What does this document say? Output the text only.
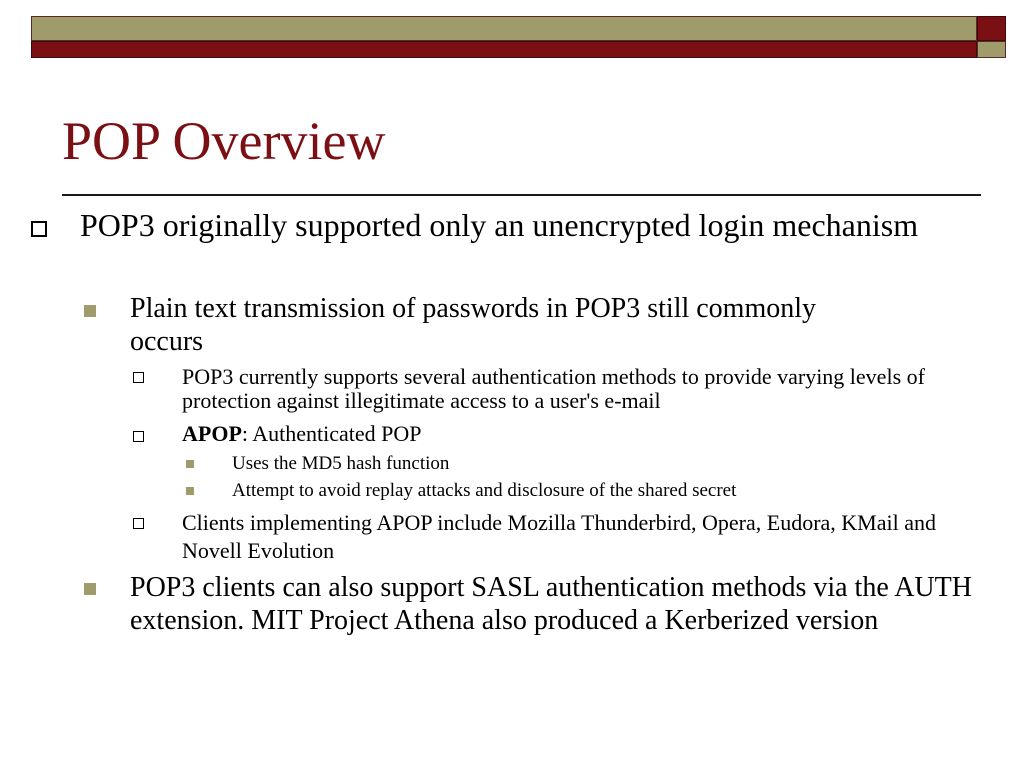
POP Overview
POP3 originally supported only an unencrypted login mechanism
Plain text transmission of passwords in POP3 still commonly occurs
POP3 currently supports several authentication methods to provide varying levels of protection against illegitimate access to a user's e-mail
APOP: Authenticated POP
Uses the MD5 hash function
Attempt to avoid replay attacks and disclosure of the shared secret
Clients implementing APOP include Mozilla Thunderbird, Opera, Eudora, KMail and Novell Evolution
POP3 clients can also support SASL authentication methods via the AUTH extension. MIT Project Athena also produced a Kerberized version
